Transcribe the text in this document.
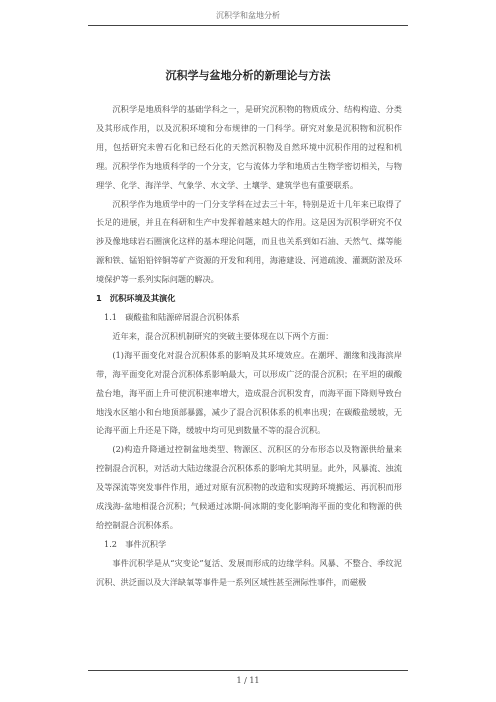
沉积学和盆地分析
沉积学与盆地分析的新理论与方法

沉积学是地质科学的基础学科之一，是研究沉积物的物质成分、结构构造、分类及其形成作用，以及沉积环境和分布规律的一门科学。研究对象是沉积物和沉积作用，包括研究未曾石化和已经石化的天然沉积物及自然环境中沉积作用的过程和机理。沉积学作为地质科学的一个分支，它与流体力学和地质古生物学密切相关，与物理学、化学、海洋学、气象学、水文学、土壤学、建筑学也有重要联系。

沉积学作为地质学中的一门分支学科在过去三十年，特别是近十几年来已取得了长足的进展，并且在科研和生产中发挥着越来越大的作用。这是因为沉积学研究不仅涉及像地球岩石圈演化这样的基本理论问题，而且也关系到如石油、天然气、煤等能源和铁、锰铝铅锌铜等矿产资源的开发和利用，海港建设、河道疏浚、灌溉防淤及环境保护等一系列实际问题的解决。

1　沉积环境及其演化

1.1　碳酸盐和陆源碎屑混合沉积体系

近年来，混合沉积机制研究的突破主要体现在以下两个方面：

(1)海平面变化对混合沉积体系的影响及其环境效应。在潮坪、潮缘和浅海滨岸带，海平面变化对混合沉积体系影响最大，可以形成广泛的混合沉积；在平坦的碳酸盐台地，海平面上升可使沉积速率增大，造成混合沉积发育，而海平面下降则导致台地浅水区缩小和台地顶部暴露，减少了混合沉积体系的机率出现；在碳酸盐缓坡，无论海平面上升还是下降，缓坡中均可见到数量不等的混合沉积。

(2)构造升降通过控制盆地类型、物源区、沉积区的分布形态以及物源供给量来控制混合沉积，对活动大陆边缘混合沉积体系的影响尤其明显。此外，风暴流、浊流及等深流等突发事件作用，通过对原有沉积物的改造和实现跨环境搬运、再沉积而形成浅海-盆地相混合沉积；气候通过冰期-间冰期的变化影响海平面的变化和物源的供给控制混合沉积体系。

1.2　事件沉积学

事件沉积学是从“灾变论”复活、发展而形成的边缘学科。风暴、不整合、季纹泥沉积、洪泛面以及大洋缺氧等事件是一系列区域性甚至洲际性事件，而磁极

1 / 11
